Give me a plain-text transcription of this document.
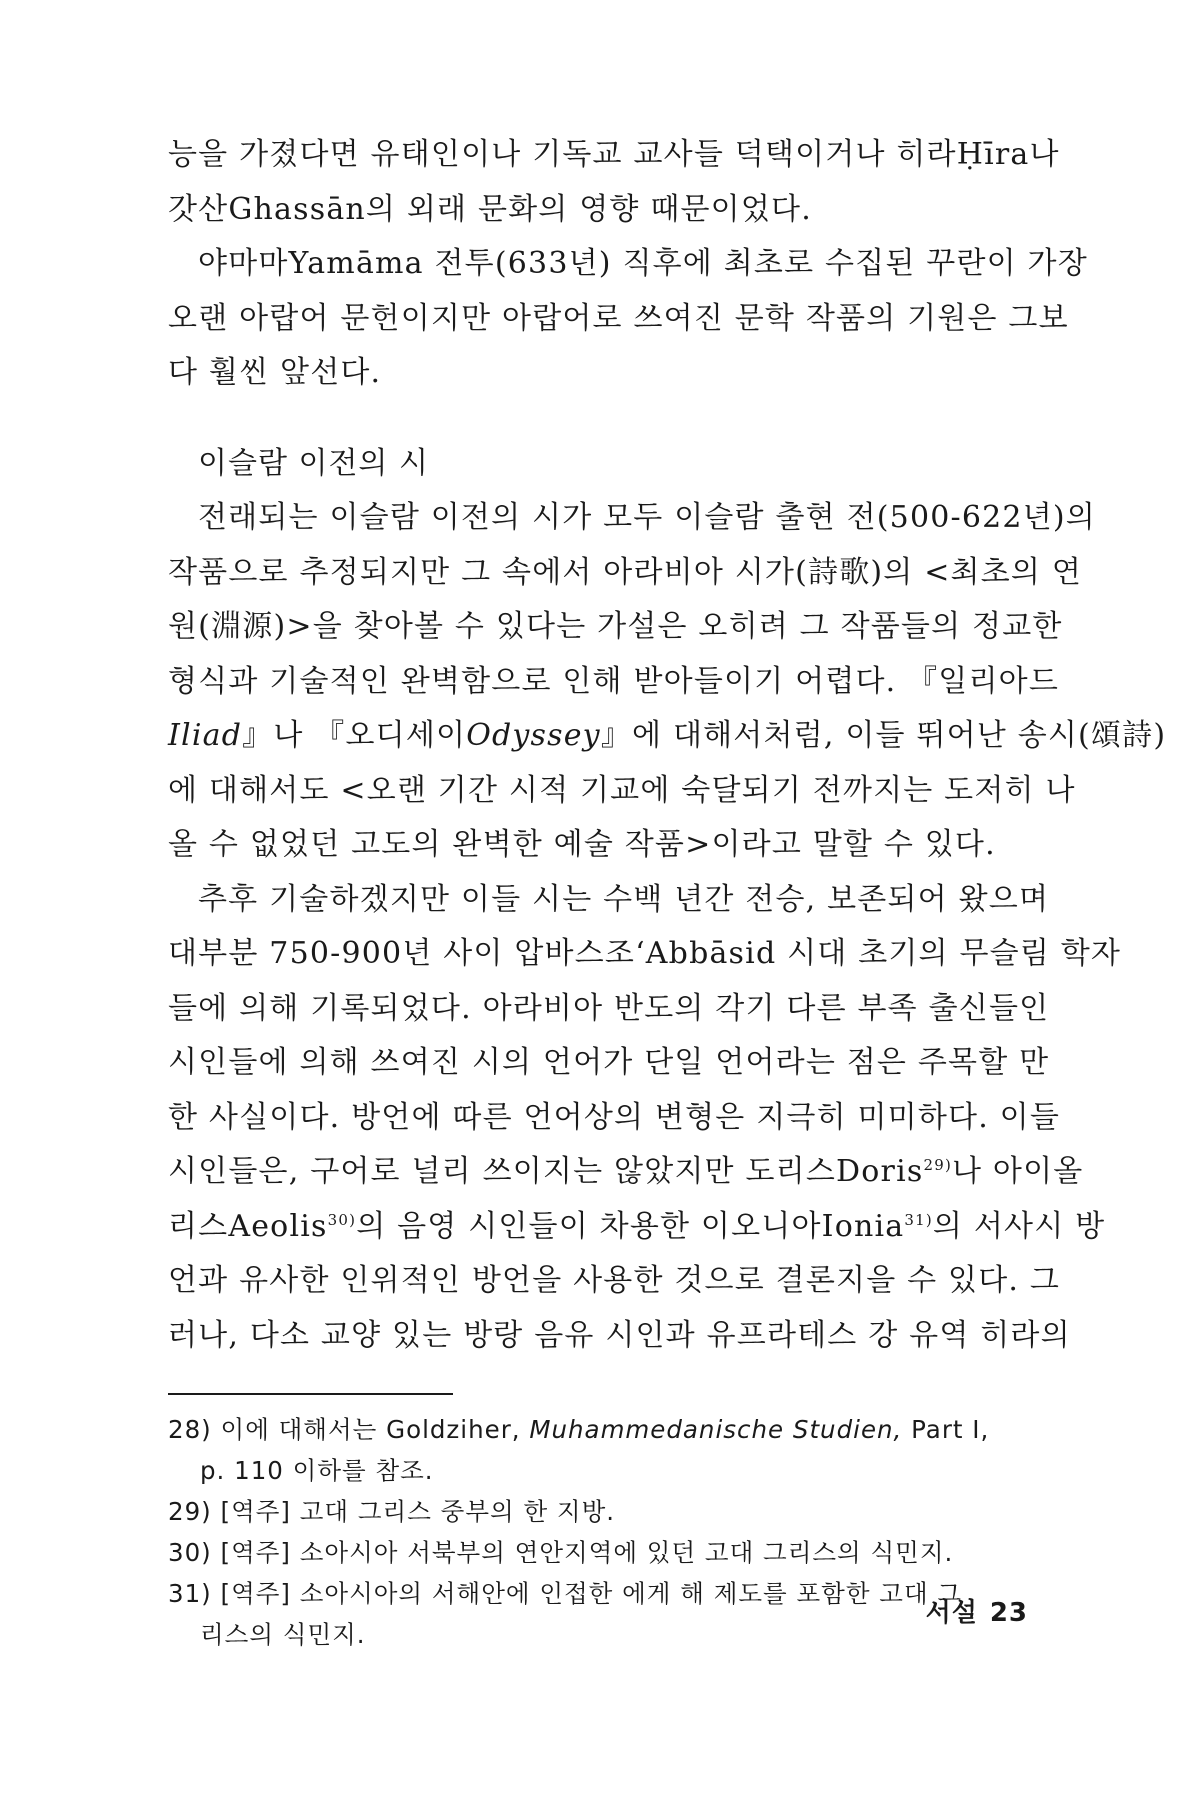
능을 가졌다면 유태인이나 기독교 교사들 덕택이거나 히라Ḥīra나
갓산Ghassān의 외래 문화의 영향 때문이었다.
야마마Yamāma 전투(633년) 직후에 최초로 수집된 꾸란이 가장
오랜 아랍어 문헌이지만 아랍어로 쓰여진 문학 작품의 기원은 그보
다 훨씬 앞선다.
이슬람 이전의 시
전래되는 이슬람 이전의 시가 모두 이슬람 출현 전(500-622년)의
작품으로 추정되지만 그 속에서 아라비아 시가(詩歌)의 <최초의 연
원(淵源)>을 찾아볼 수 있다는 가설은 오히려 그 작품들의 정교한
형식과 기술적인 완벽함으로 인해 받아들이기 어렵다. 『일리아드
Iliad』나 『오디세이Odyssey』에 대해서처럼, 이들 뛰어난 송시(頌詩)
에 대해서도 <오랜 기간 시적 기교에 숙달되기 전까지는 도저히 나
올 수 없었던 고도의 완벽한 예술 작품>이라고 말할 수 있다.
추후 기술하겠지만 이들 시는 수백 년간 전승, 보존되어 왔으며
대부분 750-900년 사이 압바스조‘Abbāsid 시대 초기의 무슬림 학자
들에 의해 기록되었다. 아라비아 반도의 각기 다른 부족 출신들인
시인들에 의해 쓰여진 시의 언어가 단일 언어라는 점은 주목할 만
한 사실이다. 방언에 따른 언어상의 변형은 지극히 미미하다. 이들
시인들은, 구어로 널리 쓰이지는 않았지만 도리스Doris$^{29)}$나 아이올
리스Aeolis$^{30)}$의 음영 시인들이 차용한 이오니아Ionia$^{31)}$의 서사시 방
언과 유사한 인위적인 방언을 사용한 것으로 결론지을 수 있다. 그
러나, 다소 교양 있는 방랑 음유 시인과 유프라테스 강 유역 히라의
28) 이에 대해서는 Goldziher, Muhammedanische Studien, Part I,
p. 110 이하를 참조.
29) [역주] 고대 그리스 중부의 한 지방.
30) [역주] 소아시아 서북부의 연안지역에 있던 고대 그리스의 식민지.
31) [역주] 소아시아의 서해안에 인접한 에게 해 제도를 포함한 고대 그
리스의 식민지.
서설 23
